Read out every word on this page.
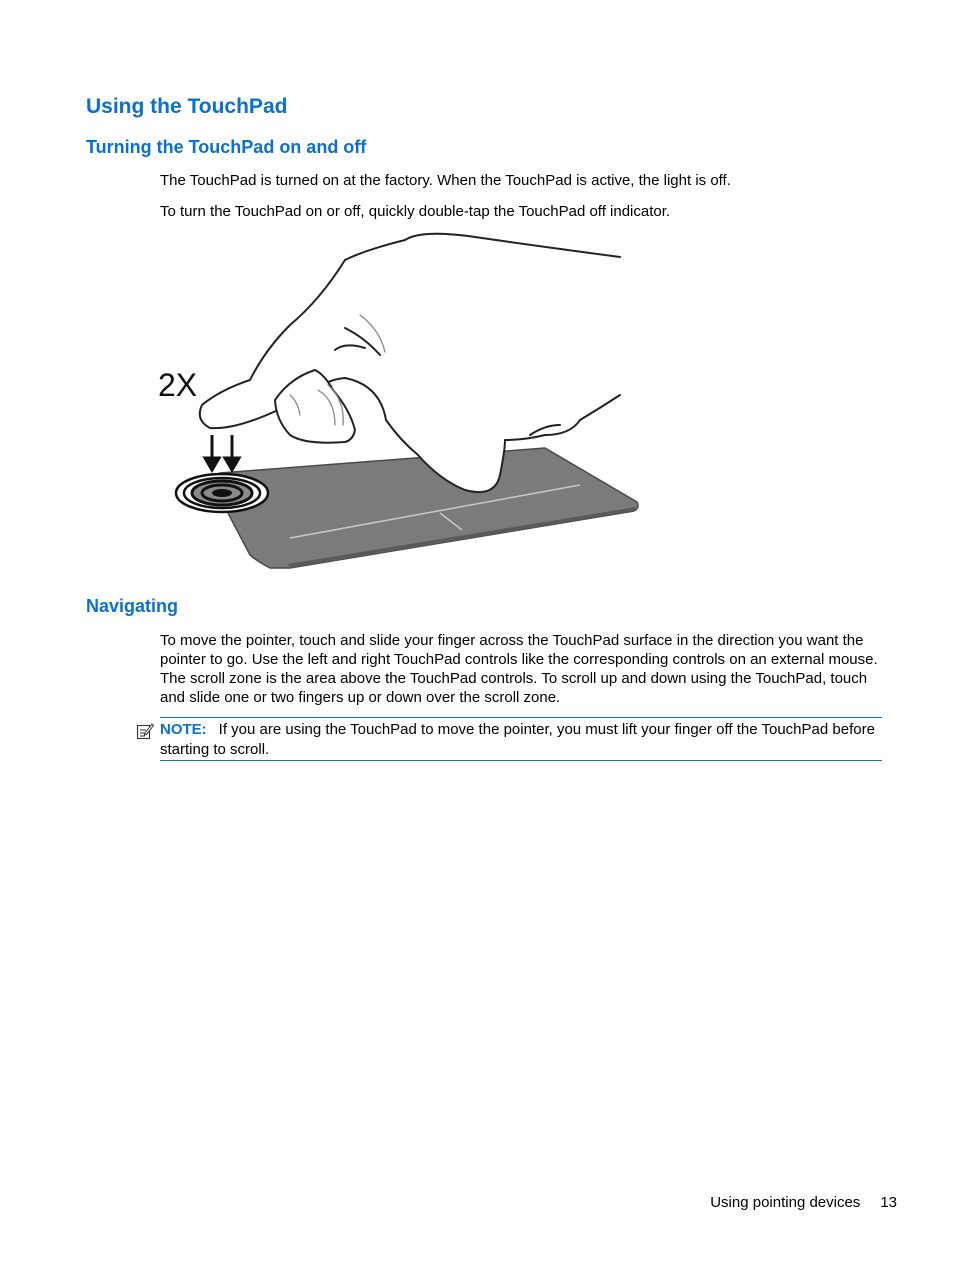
Using the TouchPad
Turning the TouchPad on and off

The TouchPad is turned on at the factory. When the TouchPad is active, the light is off.

To turn the TouchPad on or off, quickly double-tap the TouchPad off indicator.

2X
Navigating

To move the pointer, touch and slide your finger across the TouchPad surface in the direction you want the pointer to go. Use the left and right TouchPad controls like the corresponding controls on an external mouse. The scroll zone is the area above the TouchPad controls. To scroll up and down using the TouchPad, touch and slide one or two fingers up or down over the scroll zone.

NOTE: If you are using the TouchPad to move the pointer, you must lift your finger off the TouchPad before starting to scroll.
Using pointing devices 13
